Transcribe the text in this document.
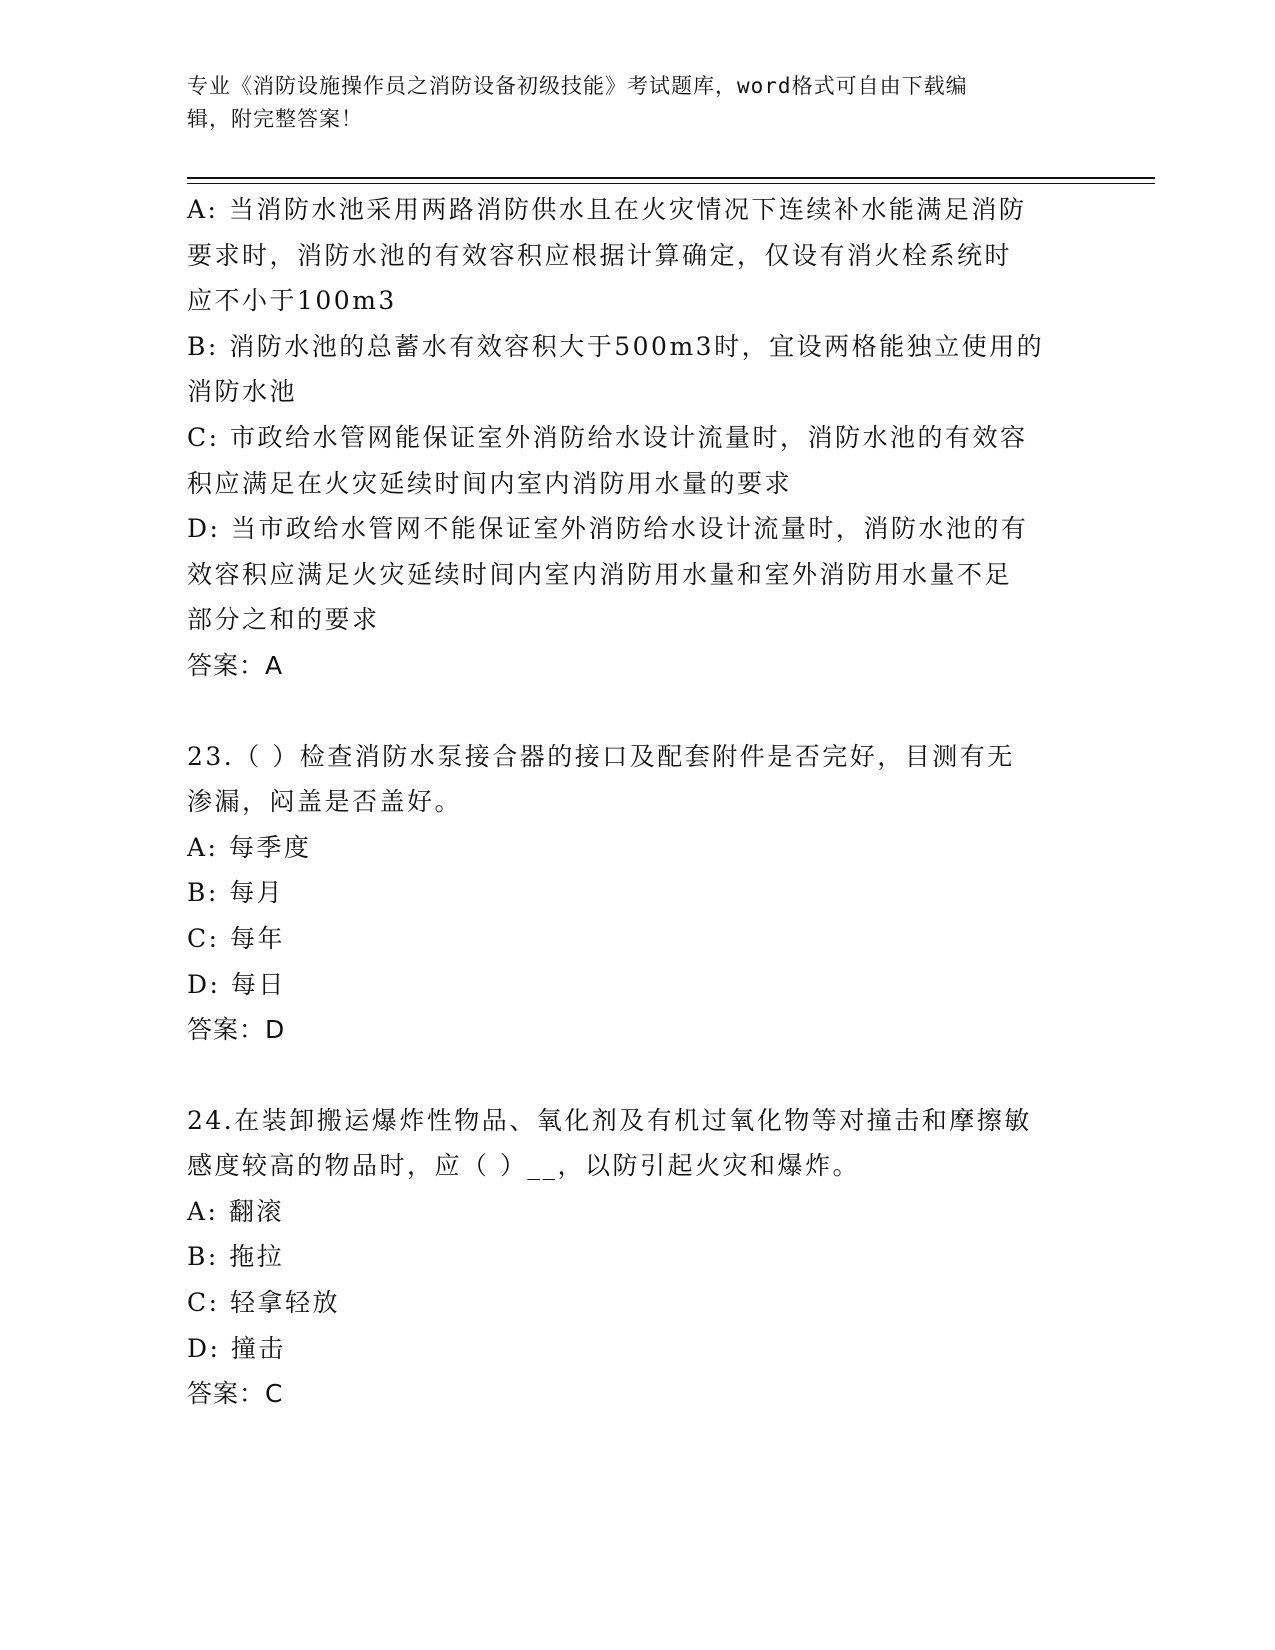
专业《消防设施操作员之消防设备初级技能》考试题库，word格式可自由下载编
辑，附完整答案！
A: 当消防水池采用两路消防供水且在火灾情况下连续补水能满足消防
要求时，消防水池的有效容积应根据计算确定，仅设有消火栓系统时
应不小于100m3
B: 消防水池的总蓄水有效容积大于500m3时，宜设两格能独立使用的
消防水池
C: 市政给水管网能保证室外消防给水设计流量时，消防水池的有效容
积应满足在火灾延续时间内室内消防用水量的要求
D: 当市政给水管网不能保证室外消防给水设计流量时，消防水池的有
效容积应满足火灾延续时间内室内消防用水量和室外消防用水量不足
部分之和的要求
答案：A
23.（ ）检查消防水泵接合器的接口及配套附件是否完好，目测有无
渗漏，闷盖是否盖好。
A: 每季度
B: 每月
C: 每年
D: 每日
答案：D
24.在装卸搬运爆炸性物品、氧化剂及有机过氧化物等对撞击和摩擦敏
感度较高的物品时，应（ ）__，以防引起火灾和爆炸。
A: 翻滚
B: 拖拉
C: 轻拿轻放
D: 撞击
答案：C
